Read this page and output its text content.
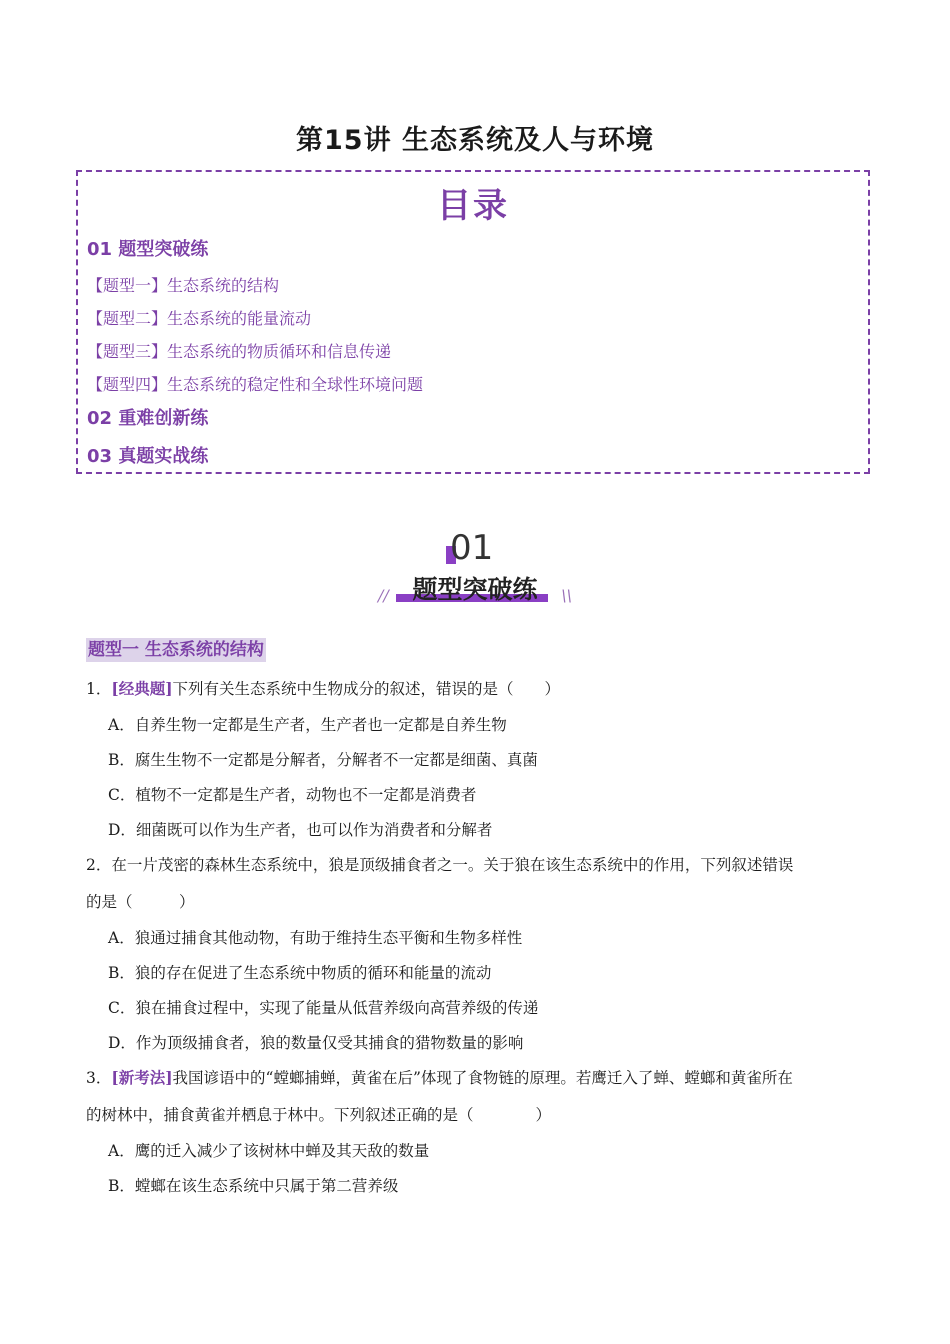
第15讲 生态系统及人与环境
目录
01 题型突破练
【题型一】生态系统的结构
【题型二】生态系统的能量流动
【题型三】生态系统的物质循环和信息传递
【题型四】生态系统的稳定性和全球性环境问题
02 重难创新练
03 真题实战练
01
题型突破练
//	\\
题型一 生态系统的结构
1．[经典题]下列有关生态系统中生物成分的叙述，错误的是（　　）
A．自养生物一定都是生产者，生产者也一定都是自养生物
B．腐生生物不一定都是分解者，分解者不一定都是细菌、真菌
C．植物不一定都是生产者，动物也不一定都是消费者
D．细菌既可以作为生产者，也可以作为消费者和分解者
2．在一片茂密的森林生态系统中，狼是顶级捕食者之一。关于狼在该生态系统中的作用，下列叙述错误
的是（　　　）
A．狼通过捕食其他动物，有助于维持生态平衡和生物多样性
B．狼的存在促进了生态系统中物质的循环和能量的流动
C．狼在捕食过程中，实现了能量从低营养级向高营养级的传递
D．作为顶级捕食者，狼的数量仅受其捕食的猎物数量的影响
3．[新考法]我国谚语中的“螳螂捕蝉，黄雀在后”体现了食物链的原理。若鹰迁入了蝉、螳螂和黄雀所在
的树林中，捕食黄雀并栖息于林中。下列叙述正确的是（　　　　）
A．鹰的迁入减少了该树林中蝉及其天敌的数量
B．螳螂在该生态系统中只属于第二营养级
